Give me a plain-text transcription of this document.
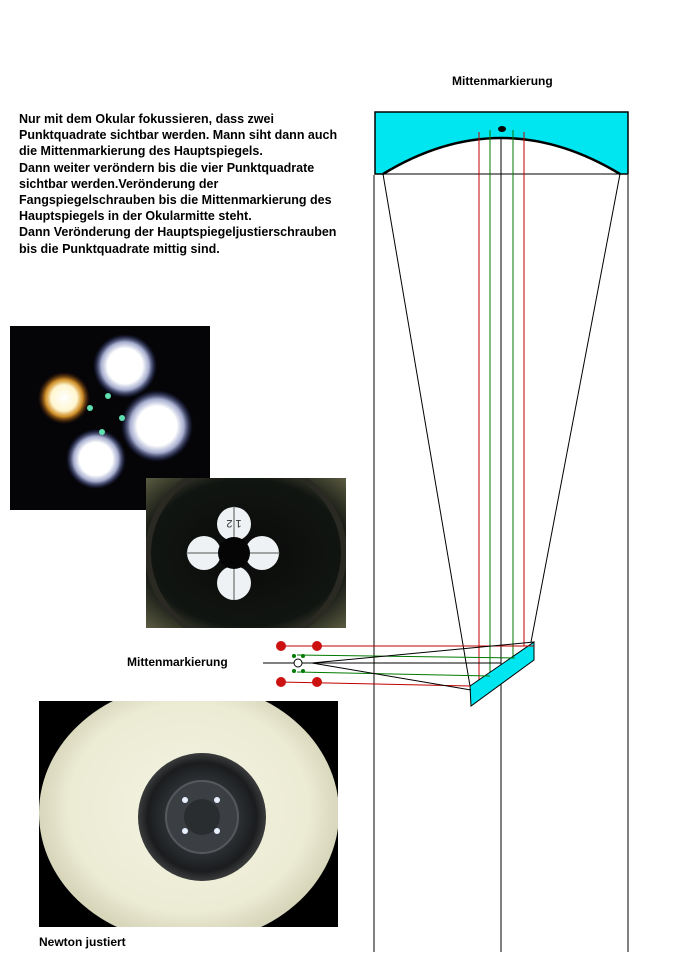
Mittenmarkierung
Nur mit dem Okular fokussieren, dass zwei
Punktquadrate sichtbar werden. Mann siht dann auch
die Mittenmarkierung des Hauptspiegels.
Dann weiter verӧndern bis die vier Punktquadrate
sichtbar werden.Verӧnderung der
Fangspiegelschrauben bis die Mittenmarkierung des
Hauptspiegels in der Okularmitte steht.
Dann Verӧnderung der Hauptspiegeljustierschrauben
bis die Punktquadrate mittig sind.
Mittenmarkierung
Newton justiert
1 2
